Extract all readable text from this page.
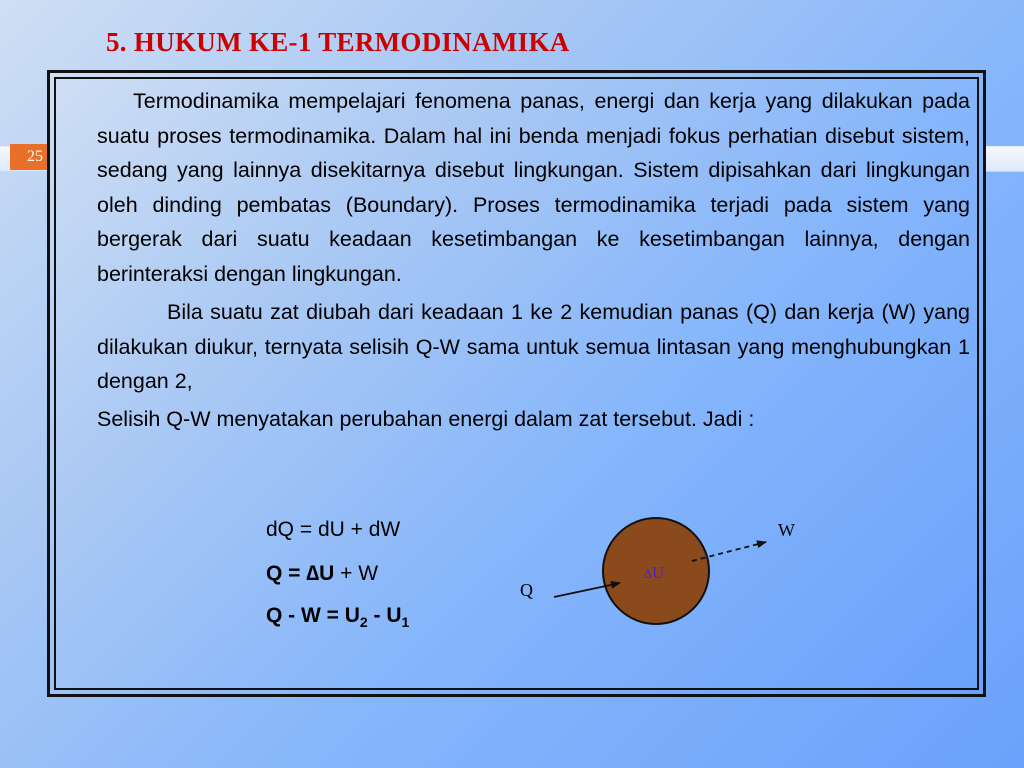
5. HUKUM KE-1 TERMODINAMIKA
25

Termodinamika mempelajari fenomena panas, energi dan kerja yang dilakukan pada suatu proses termodinamika. Dalam hal ini benda menjadi fokus perhatian disebut sistem, sedang yang lainnya disekitarnya disebut lingkungan. Sistem dipisahkan dari lingkungan oleh dinding pembatas (Boundary). Proses termodinamika terjadi pada sistem yang bergerak dari suatu keadaan kesetimbangan ke kesetimbangan lainnya, dengan berinteraksi dengan lingkungan.

Bila suatu zat diubah dari keadaan 1 ke 2 kemudian panas (Q) dan kerja (W) yang dilakukan diukur, ternyata selisih Q-W sama untuk semua lintasan yang menghubungkan 1 dengan 2,

Selisih Q-W menyatakan perubahan energi dalam zat tersebut. Jadi :

dQ = dU + dW
Q = ∆U + W
$Q - W = U_2 - U_1$
W
Q
∆U
